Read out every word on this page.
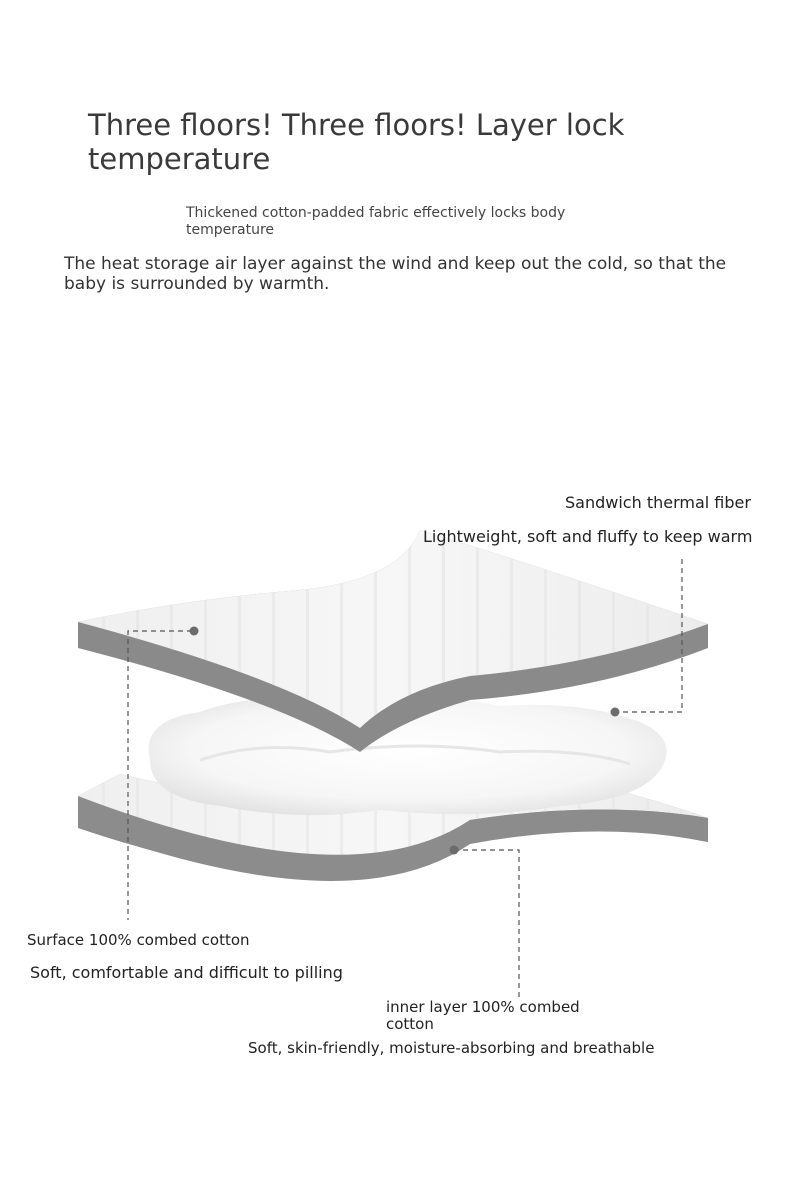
Three floors! Three floors! Layer lock temperature
Thickened cotton-padded fabric effectively locks body temperature
The heat storage air layer against the wind and keep out the cold, so that the baby is surrounded by warmth.
Sandwich thermal fiber
Lightweight, soft and fluffy to keep warm
Surface 100% combed cotton
Soft, comfortable and difficult to pilling
inner layer 100% combed cotton
Soft, skin-friendly, moisture-absorbing and breathable
